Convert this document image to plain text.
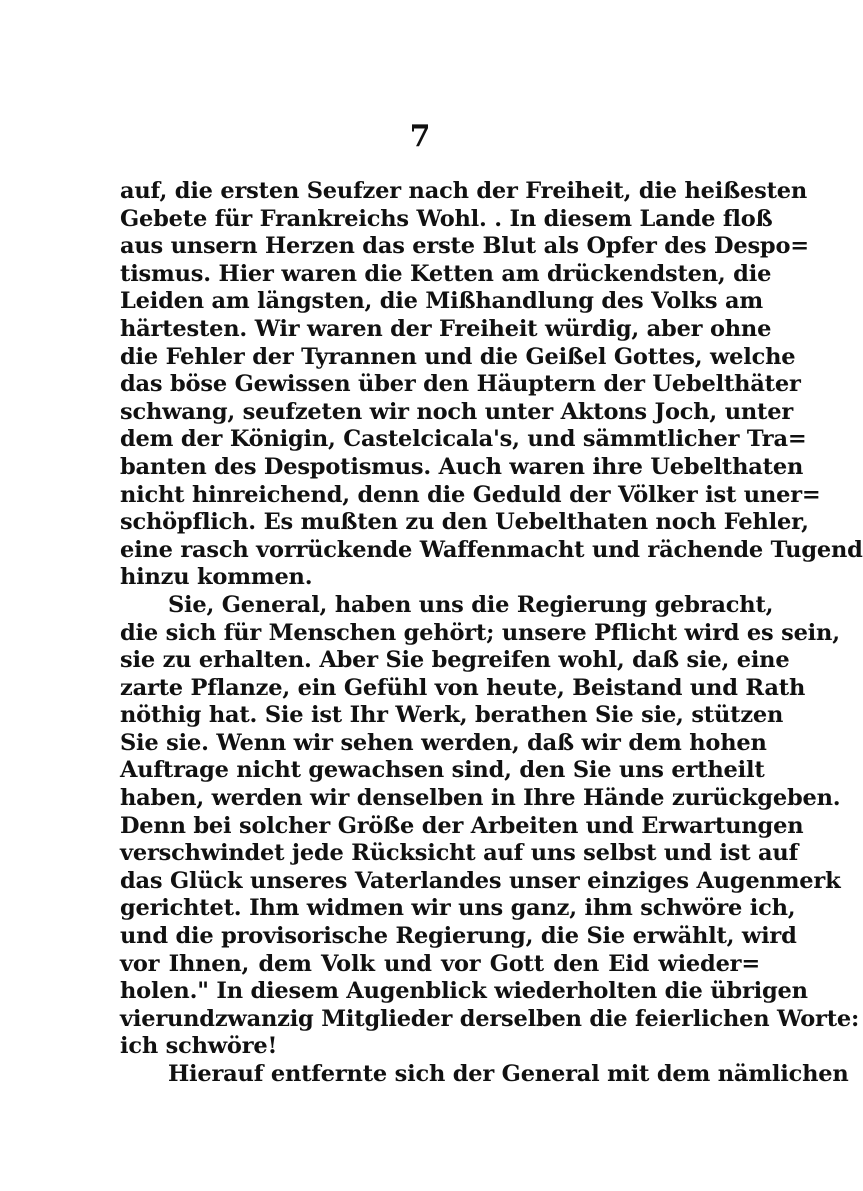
7
auf, die ersten Seufzer nach der Freiheit, die heißesten
Gebete für Frankreichs Wohl. . In diesem Lande floß
aus unsern Herzen das erste Blut als Opfer des Despo=
tismus. Hier waren die Ketten am drückendsten, die
Leiden am längsten, die Mißhandlung des Volks am
härtesten. Wir waren der Freiheit würdig, aber ohne
die Fehler der Tyrannen und die Geißel Gottes, welche
das böse Gewissen über den Häuptern der Uebelthäter
schwang, seufzeten wir noch unter Aktons Joch, unter
dem der Königin, Castelcicala's, und sämmtlicher Tra=
banten des Despotismus. Auch waren ihre Uebelthaten
nicht hinreichend, denn die Geduld der Völker ist uner=
schöpflich. Es mußten zu den Uebelthaten noch Fehler,
eine rasch vorrückende Waffenmacht und rächende Tugend
hinzu kommen.
Sie, General, haben uns die Regierung gebracht,
die sich für Menschen gehört; unsere Pflicht wird es sein,
sie zu erhalten. Aber Sie begreifen wohl, daß sie, eine
zarte Pflanze, ein Gefühl von heute, Beistand und Rath
nöthig hat. Sie ist Ihr Werk, berathen Sie sie, stützen
Sie sie. Wenn wir sehen werden, daß wir dem hohen
Auftrage nicht gewachsen sind, den Sie uns ertheilt
haben, werden wir denselben in Ihre Hände zurückgeben.
Denn bei solcher Größe der Arbeiten und Erwartungen
verschwindet jede Rücksicht auf uns selbst und ist auf
das Glück unseres Vaterlandes unser einziges Augenmerk
gerichtet. Ihm widmen wir uns ganz, ihm schwöre ich,
und die provisorische Regierung, die Sie erwählt, wird
vor Ihnen, dem Volk und vor Gott den Eid wieder=
holen." In diesem Augenblick wiederholten die übrigen
vierundzwanzig Mitglieder derselben die feierlichen Worte:
ich schwöre!
Hierauf entfernte sich der General mit dem nämlichen
